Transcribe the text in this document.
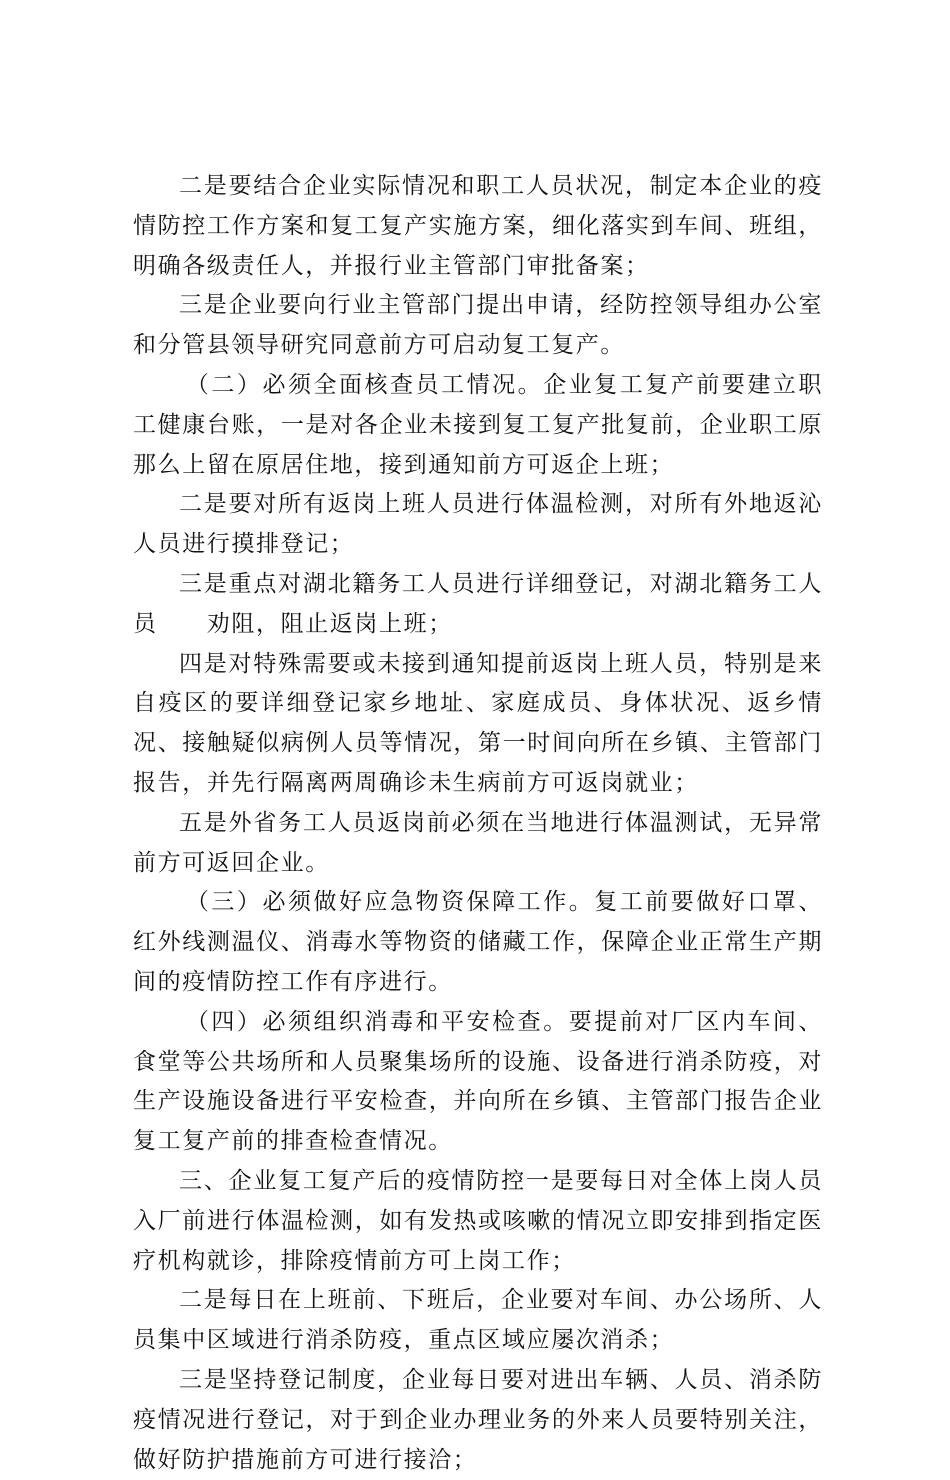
二是要结合企业实际情况和职工人员状况，制定本企业的疫情防控工作方案和复工复产实施方案，细化落实到车间、班组，明确各级责任人，并报行业主管部门审批备案；

三是企业要向行业主管部门提出申请，经防控领导组办公室和分管县领导研究同意前方可启动复工复产。

（二）必须全面核查员工情况。企业复工复产前要建立职工健康台账，一是对各企业未接到复工复产批复前，企业职工原那么上留在原居住地，接到通知前方可返企上班；

二是要对所有返岗上班人员进行体温检测，对所有外地返沁人员进行摸排登记；

三是重点对湖北籍务工人员进行详细登记，对湖北籍务工人员　　劝阻，阻止返岗上班；

四是对特殊需要或未接到通知提前返岗上班人员，特别是来自疫区的要详细登记家乡地址、家庭成员、身体状况、返乡情况、接触疑似病例人员等情况，第一时间向所在乡镇、主管部门报告，并先行隔离两周确诊未生病前方可返岗就业；

五是外省务工人员返岗前必须在当地进行体温测试，无异常前方可返回企业。

（三）必须做好应急物资保障工作。复工前要做好口罩、红外线测温仪、消毒水等物资的储藏工作，保障企业正常生产期间的疫情防控工作有序进行。

（四）必须组织消毒和平安检查。要提前对厂区内车间、食堂等公共场所和人员聚集场所的设施、设备进行消杀防疫，对生产设施设备进行平安检查，并向所在乡镇、主管部门报告企业复工复产前的排查检查情况。

三、企业复工复产后的疫情防控一是要每日对全体上岗人员入厂前进行体温检测，如有发热或咳嗽的情况立即安排到指定医疗机构就诊，排除疫情前方可上岗工作；

二是每日在上班前、下班后，企业要对车间、办公场所、人员集中区域进行消杀防疫，重点区域应屡次消杀；

三是坚持登记制度，企业每日要对进出车辆、人员、消杀防疫情况进行登记，对于到企业办理业务的外来人员要特别关注，做好防护措施前方可进行接洽；
